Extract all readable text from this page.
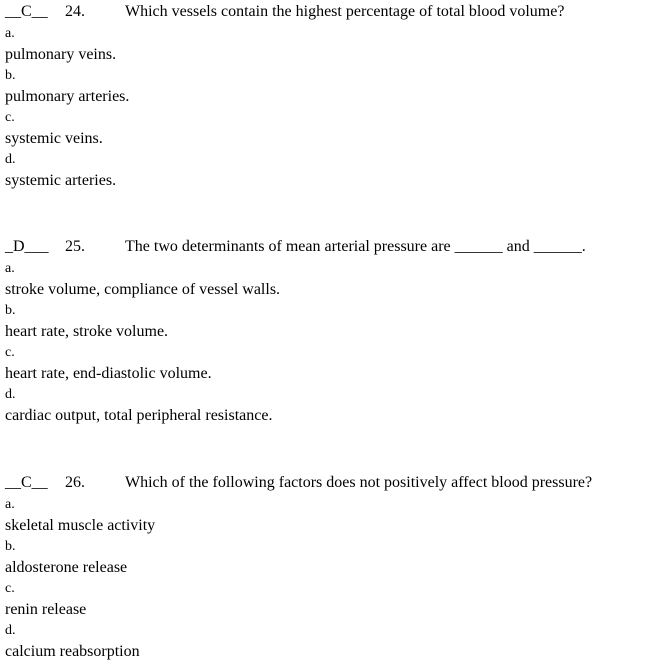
__C__ 24.	Which vessels contain the highest percentage of total blood volume?
a.
pulmonary veins.
b.
pulmonary arteries.
c.
systemic veins.
d.
systemic arteries.
_D___ 25.	The two determinants of mean arterial pressure are ______ and ______.
a.
stroke volume, compliance of vessel walls.
b.
heart rate, stroke volume.
c.
heart rate, end-diastolic volume.
d.
cardiac output, total peripheral resistance.
__C__ 26.	Which of the following factors does not positively affect blood pressure?
a.
skeletal muscle activity
b.
aldosterone release
c.
renin release
d.
calcium reabsorption
